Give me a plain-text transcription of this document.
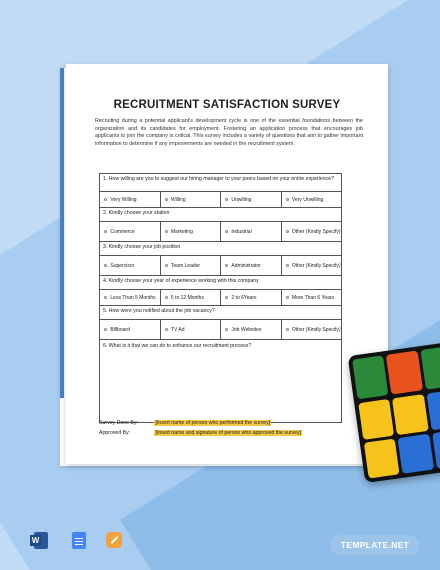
RECRUITMENT SATISFACTION SURVEY
Recruiting during a potential applicant's development cycle is one of the essential foundations between the organization and its candidates for employment. Fostering an application process that encourages job applicants to join the company is critical. This survey includes a variety of questions that aim to gather important information to determine if any improvements are needed in the recruitment system.
1. How willing are you to suggest our hiring manager to your peers based on your entire experience?
Very Willing	Willing	Unwilling	Very Unwilling
2. Kindly choose your station
Commerce	Marketing	Industrial	Other (Kindly Specify)
3. Kindly choose your job position
Supervisor	Team Leader	Administrator	Other (Kindly Specify)
4. Kindly choose your year of experience working with this company
Less Than 5 Months	5 to 12 Months	2 to 6Years	More Than 6 Years
5. How were you notified about the job vacancy?
Billboard	TV Ad	Job Websites	Other (Kindly Specify)
6. What is it that we can do to enhance our recruitment process?
Survey Done By:	[Insert name of person who performed the survey]
Approved By:	[Insert name and signature of person who approved the survey]
W	TEMPLATE.NET
